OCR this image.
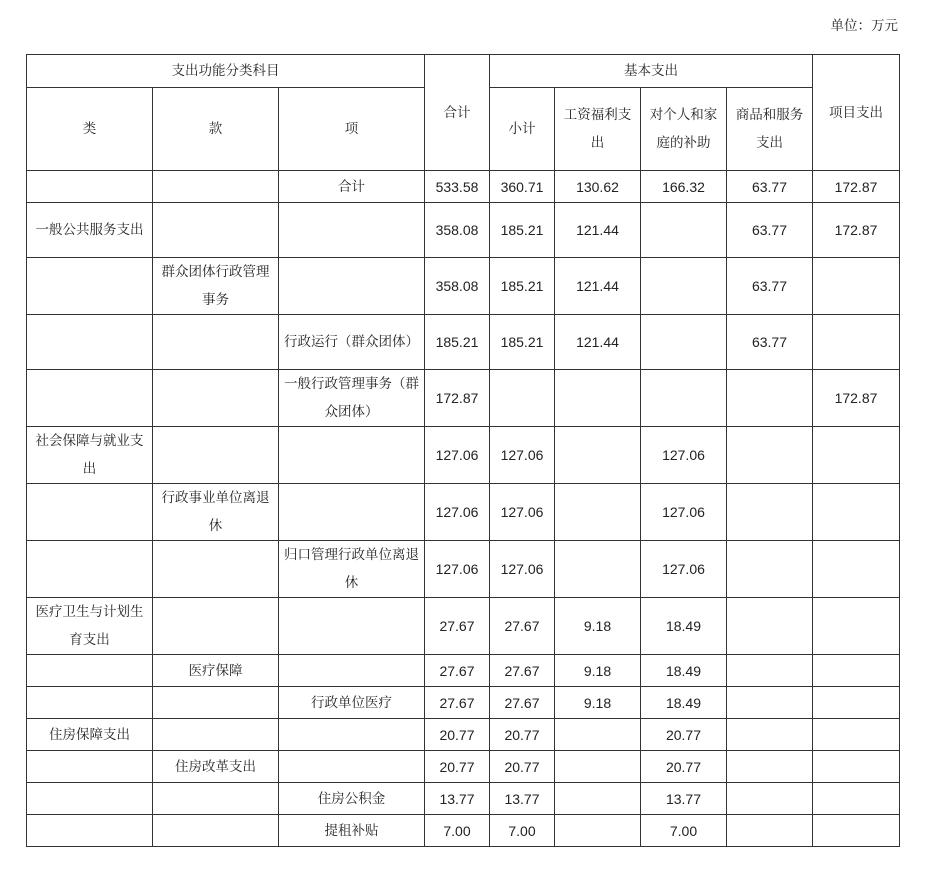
单位：万元
支出功能分类科目			合计	基本支出				项目支出
类	款	项		小计	工资福利支出	对个人和家庭的补助	商品和服务支出	
		合计	533.58	360.71	130.62	166.32	63.77	172.87
一般公共服务支出			358.08	185.21	121.44		63.77	172.87
	群众团体行政管理事务		358.08	185.21	121.44		63.77	
		行政运行（群众团体）	185.21	185.21	121.44		63.77	
		一般行政管理事务（群众团体）	172.87					172.87
社会保障与就业支出			127.06	127.06		127.06		
	行政事业单位离退休		127.06	127.06		127.06		
		归口管理行政单位离退休	127.06	127.06		127.06		
医疗卫生与计划生育支出			27.67	27.67	9.18	18.49		
	医疗保障		27.67	27.67	9.18	18.49		
		行政单位医疗	27.67	27.67	9.18	18.49		
住房保障支出			20.77	20.77		20.77		
	住房改革支出		20.77	20.77		20.77		
		住房公积金	13.77	13.77		13.77		
		提租补贴	7.00	7.00		7.00		
